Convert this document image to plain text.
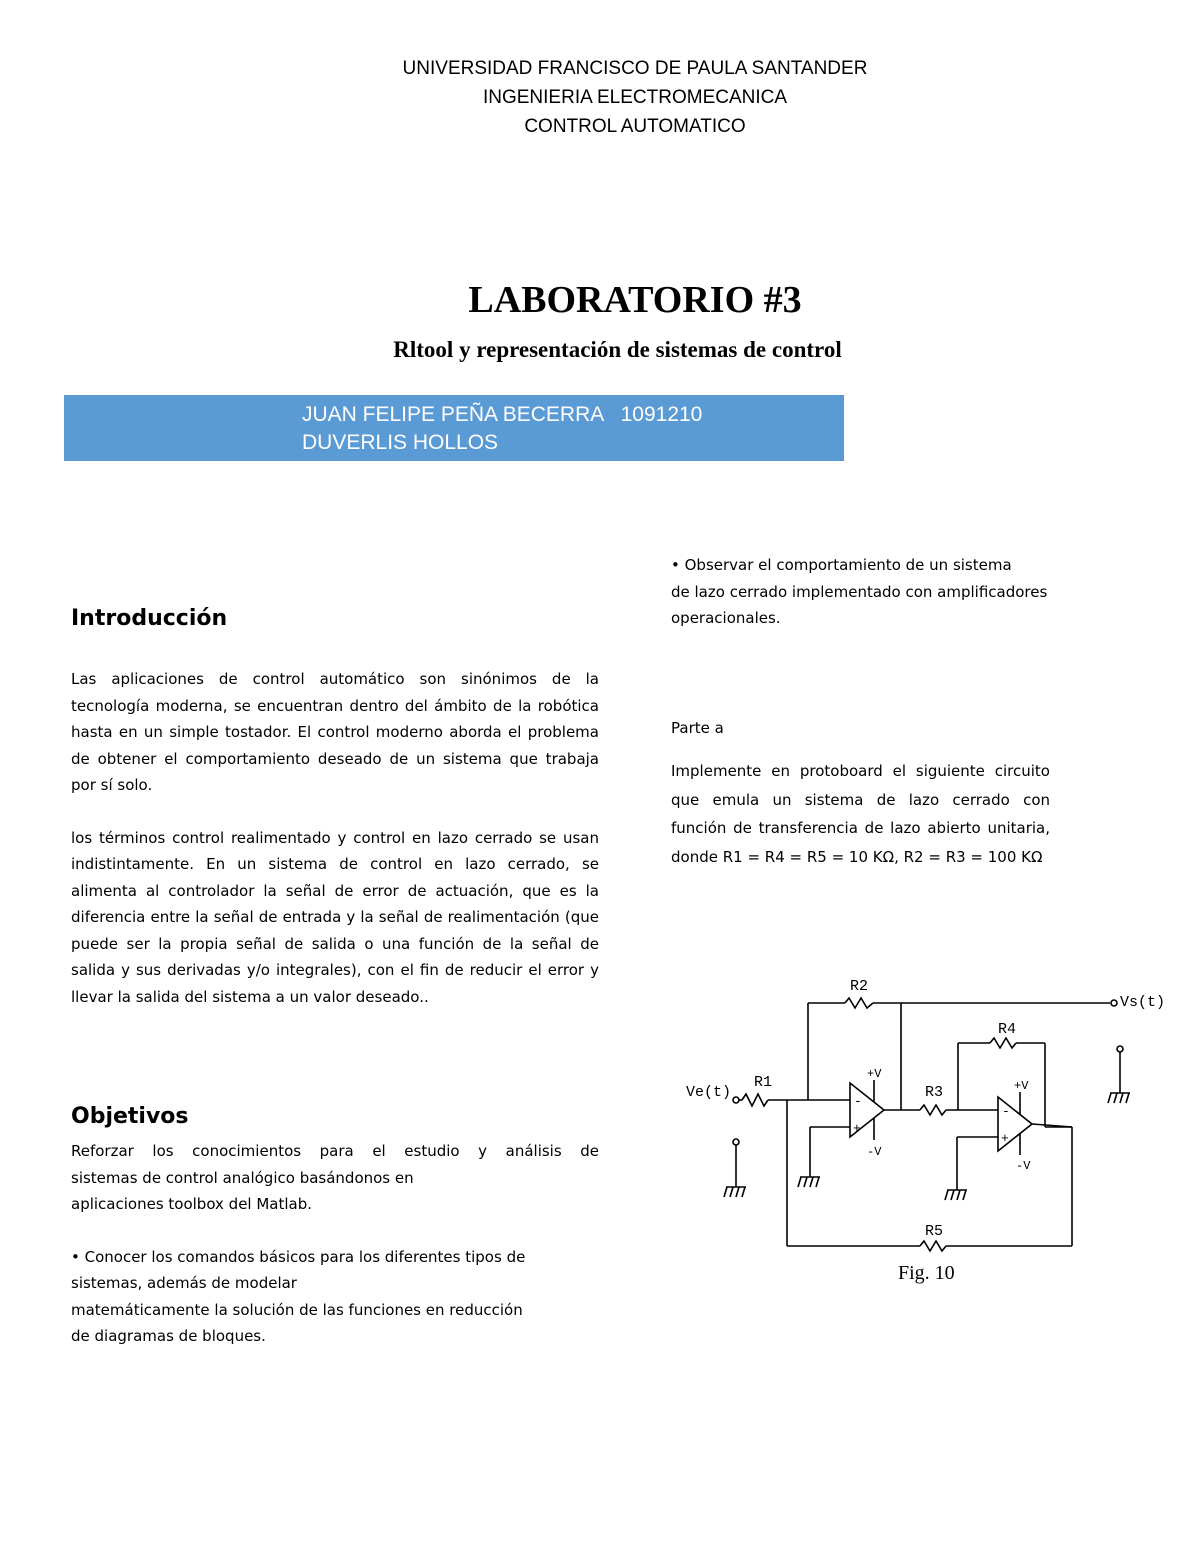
UNIVERSIDAD FRANCISCO DE PAULA SANTANDER
INGENIERIA ELECTROMECANICA
CONTROL AUTOMATICO
LABORATORIO #3
Rltool y representación de sistemas de control
JUAN FELIPE PEÑA BECERRA   1091210
DUVERLIS HOLLOS
Introducción

Las aplicaciones de control automático son sinónimos de la tecnología moderna, se encuentran dentro del ámbito de la robótica hasta en un simple tostador. El control moderno aborda el problema de obtener el comportamiento deseado de un sistema que trabaja por sí solo.

los términos control realimentado y control en lazo cerrado se usan indistintamente. En un sistema de control en lazo cerrado, se alimenta al controlador la señal de error de actuación, que es la diferencia entre la señal de entrada y la señal de realimentación (que puede ser la propia señal de salida o una función de la señal de salida y sus derivadas y/o integrales), con el fin de reducir el error y llevar la salida del sistema a un valor deseado..

Objetivos

Reforzar los conocimientos para el estudio y análisis de

sistemas de control analógico basándonos en

aplicaciones toolbox del Matlab.

• Conocer los comandos básicos para los diferentes tipos de

sistemas, además de modelar

matemáticamente la solución de las funciones en reducción

de diagramas de bloques.

• Observar el comportamiento de un sistema

de lazo cerrado implementado con amplificadores

operacionales.

Parte a
Implemente en protoboard el siguiente circuito que emula un sistema de lazo cerrado con función de transferencia de lazo abierto unitaria, donde R1 = R4 = R5 = 10 KΩ, R2 = R3 = 100 KΩ
R2
R4
R1
R3
R5
Ve(t)
Vs(t)
+V
-V
+V
-V
-
+
-
+
Fig. 10
